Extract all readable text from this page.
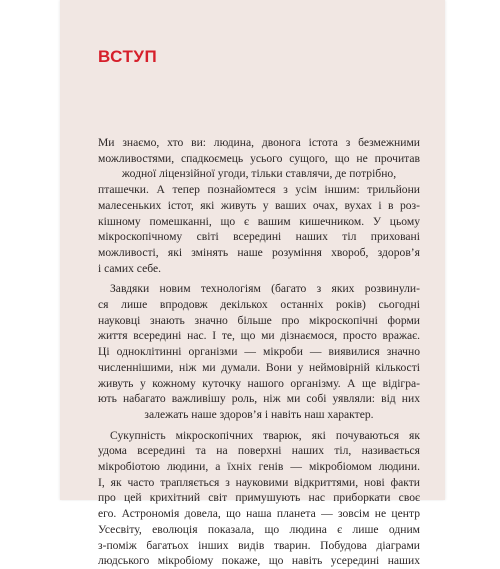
ВСТУП
Ми знаємо, хто ви: людина, двонога істота з безмежними
можливостями, спадкоємець усього сущого, що не прочитав
жодної ліцензійної угоди, тільки ставлячи, де потрібно,
пташечки. А тепер познайомтеся з усім іншим: трильйони
малесеньких істот, які живуть у ваших очах, вухах і в роз-
кішному помешканні, що є вашим кишечником. У цьому
мікроскопічному світі всередині наших тіл приховані
можливості, які змінять наше розуміння хвороб, здоров’я
і самих себе.
Завдяки новим технологіям (багато з яких розвинули-
ся лише впродовж декількох останніх років) сьогодні
науковці знають значно більше про мікроскопічні форми
життя всередині нас. І те, що ми дізнаємося, просто вражає.
Ці одноклітинні організми — мікроби — виявилися значно
численнішими, ніж ми думали. Вони у неймовірній кількості
живуть у кожному куточку нашого організму. А ще відігра-
ють набагато важливішу роль, ніж ми собі уявляли: від них
залежать наше здоров’я і навіть наш характер.
Сукупність мікроскопічних тварюк, які почуваються як
удома всередині та на поверхні наших тіл, називається
мікробіотою людини, а їхніх генів — мікробіомом людини.
І, як часто трапляється з науковими відкриттями, нові факти
про цей крихітний світ примушують нас приборкати своє
его. Астрономія довела, що наша планета — зовсім не центр
Усесвіту, еволюція показала, що людина є лише одним
з-поміж багатьох інших видів тварин. Побудова діаграми
людського мікробіому покаже, що навіть усередині наших
